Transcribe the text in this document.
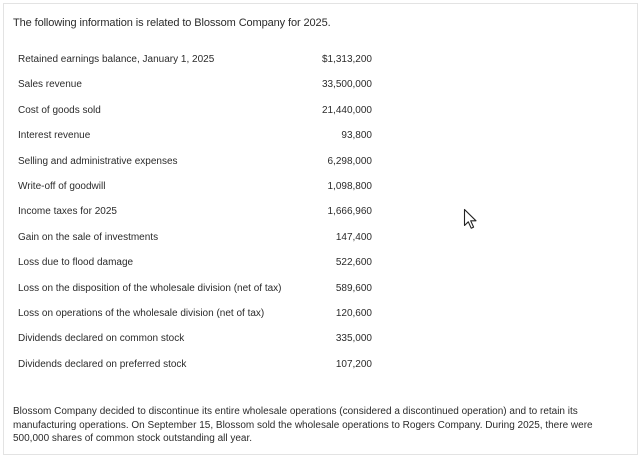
The following information is related to Blossom Company for 2025.
Retained earnings balance, January 1, 2025	$1,313,200
Sales revenue	33,500,000
Cost of goods sold	21,440,000
Interest revenue	93,800
Selling and administrative expenses	6,298,000
Write-off of goodwill	1,098,800
Income taxes for 2025	1,666,960
Gain on the sale of investments	147,400
Loss due to flood damage	522,600
Loss on the disposition of the wholesale division (net of tax)	589,600
Loss on operations of the wholesale division (net of tax)	120,600
Dividends declared on common stock	335,000
Dividends declared on preferred stock	107,200
Blossom Company decided to discontinue its entire wholesale operations (considered a discontinued operation) and to retain its manufacturing operations. On September 15, Blossom sold the wholesale operations to Rogers Company. During 2025, there were 500,000 shares of common stock outstanding all year.
